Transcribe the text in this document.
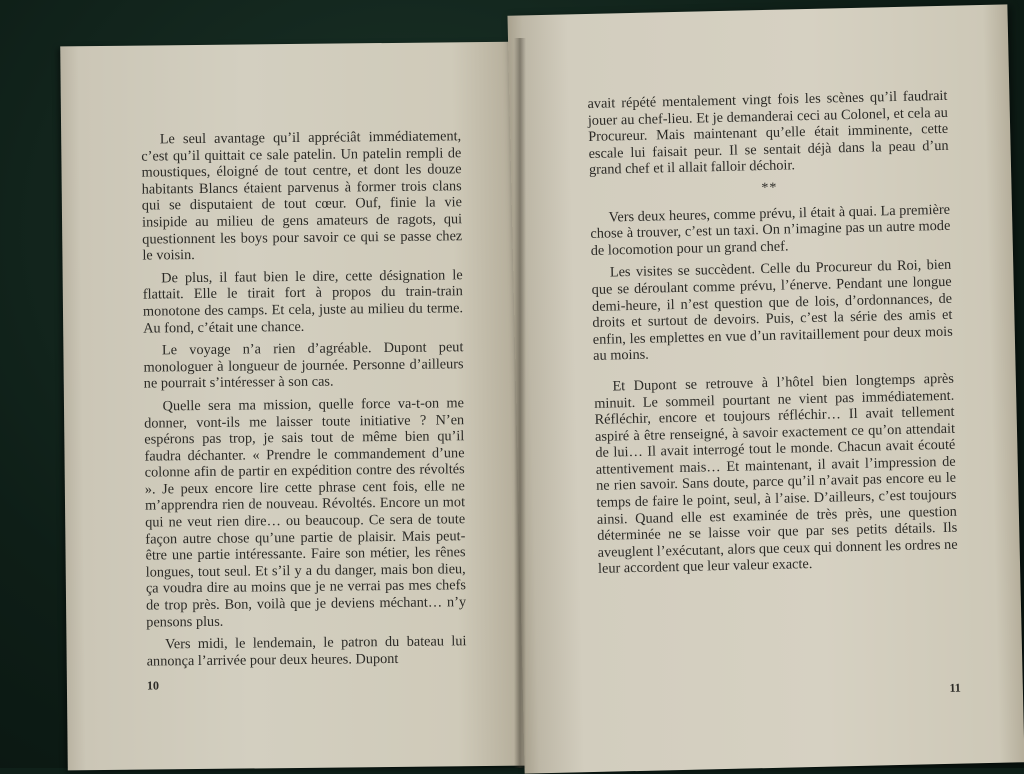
Le seul avantage qu’il appréciât immédiatement, c’est qu’il quittait ce sale patelin. Un patelin rempli de moustiques, éloigné de tout centre, et dont les douze habitants Blancs étaient parvenus à former trois clans qui se disputaient de tout cœur. Ouf, finie la vie insipide au milieu de gens amateurs de ragots, qui questionnent les boys pour savoir ce qui se passe chez le voisin.

De plus, il faut bien le dire, cette désignation le flattait. Elle le tirait fort à propos du train-train monotone des camps. Et cela, juste au milieu du terme. Au fond, c’était une chance.

Le voyage n’a rien d’agréable. Dupont peut monologuer à longueur de journée. Personne d’ailleurs ne pourrait s’intéresser à son cas.

Quelle sera ma mission, quelle force va-t-on me donner, vont-ils me laisser toute initiative ? N’en espérons pas trop, je sais tout de même bien qu’il faudra déchanter. « Prendre le commandement d’une colonne afin de partir en expédition contre des révoltés ». Je peux encore lire cette phrase cent fois, elle ne m’apprendra rien de nouveau. Révoltés. Encore un mot qui ne veut rien dire… ou beaucoup. Ce sera de toute façon autre chose qu’une partie de plaisir. Mais peut-être une partie intéressante. Faire son métier, les rênes longues, tout seul. Et s’il y a du danger, mais bon dieu, ça voudra dire au moins que je ne verrai pas mes chefs de trop près. Bon, voilà que je deviens méchant… n’y pensons plus.

Vers midi, le lendemain, le patron du bateau lui annonça l’arrivée pour deux heures. Dupont

10

avait répété mentalement vingt fois les scènes qu’il faudrait jouer au chef-lieu. Et je demanderai ceci au Colonel, et cela au Procureur. Mais maintenant qu’elle était imminente, cette escale lui faisait peur. Il se sentait déjà dans la peau d’un grand chef et il allait falloir déchoir.

**

Vers deux heures, comme prévu, il était à quai. La première chose à trouver, c’est un taxi. On n’imagine pas un autre mode de locomotion pour un grand chef.

Les visites se succèdent. Celle du Procureur du Roi, bien que se déroulant comme prévu, l’énerve. Pendant une longue demi-heure, il n’est question que de lois, d’ordonnances, de droits et surtout de devoirs. Puis, c’est la série des amis et enfin, les emplettes en vue d’un ravitaillement pour deux mois au moins.

Et Dupont se retrouve à l’hôtel bien longtemps après minuit. Le sommeil pourtant ne vient pas immédiatement. Réfléchir, encore et toujours réfléchir… Il avait tellement aspiré à être renseigné, à savoir exactement ce qu’on attendait de lui… Il avait interrogé tout le monde. Chacun avait écouté attentivement mais… Et maintenant, il avait l’impression de ne rien savoir. Sans doute, parce qu’il n’avait pas encore eu le temps de faire le point, seul, à l’aise. D’ailleurs, c’est toujours ainsi. Quand elle est examinée de très près, une question déterminée ne se laisse voir que par ses petits détails. Ils aveuglent l’exécutant, alors que ceux qui donnent les ordres ne leur accordent que leur valeur exacte.

11
